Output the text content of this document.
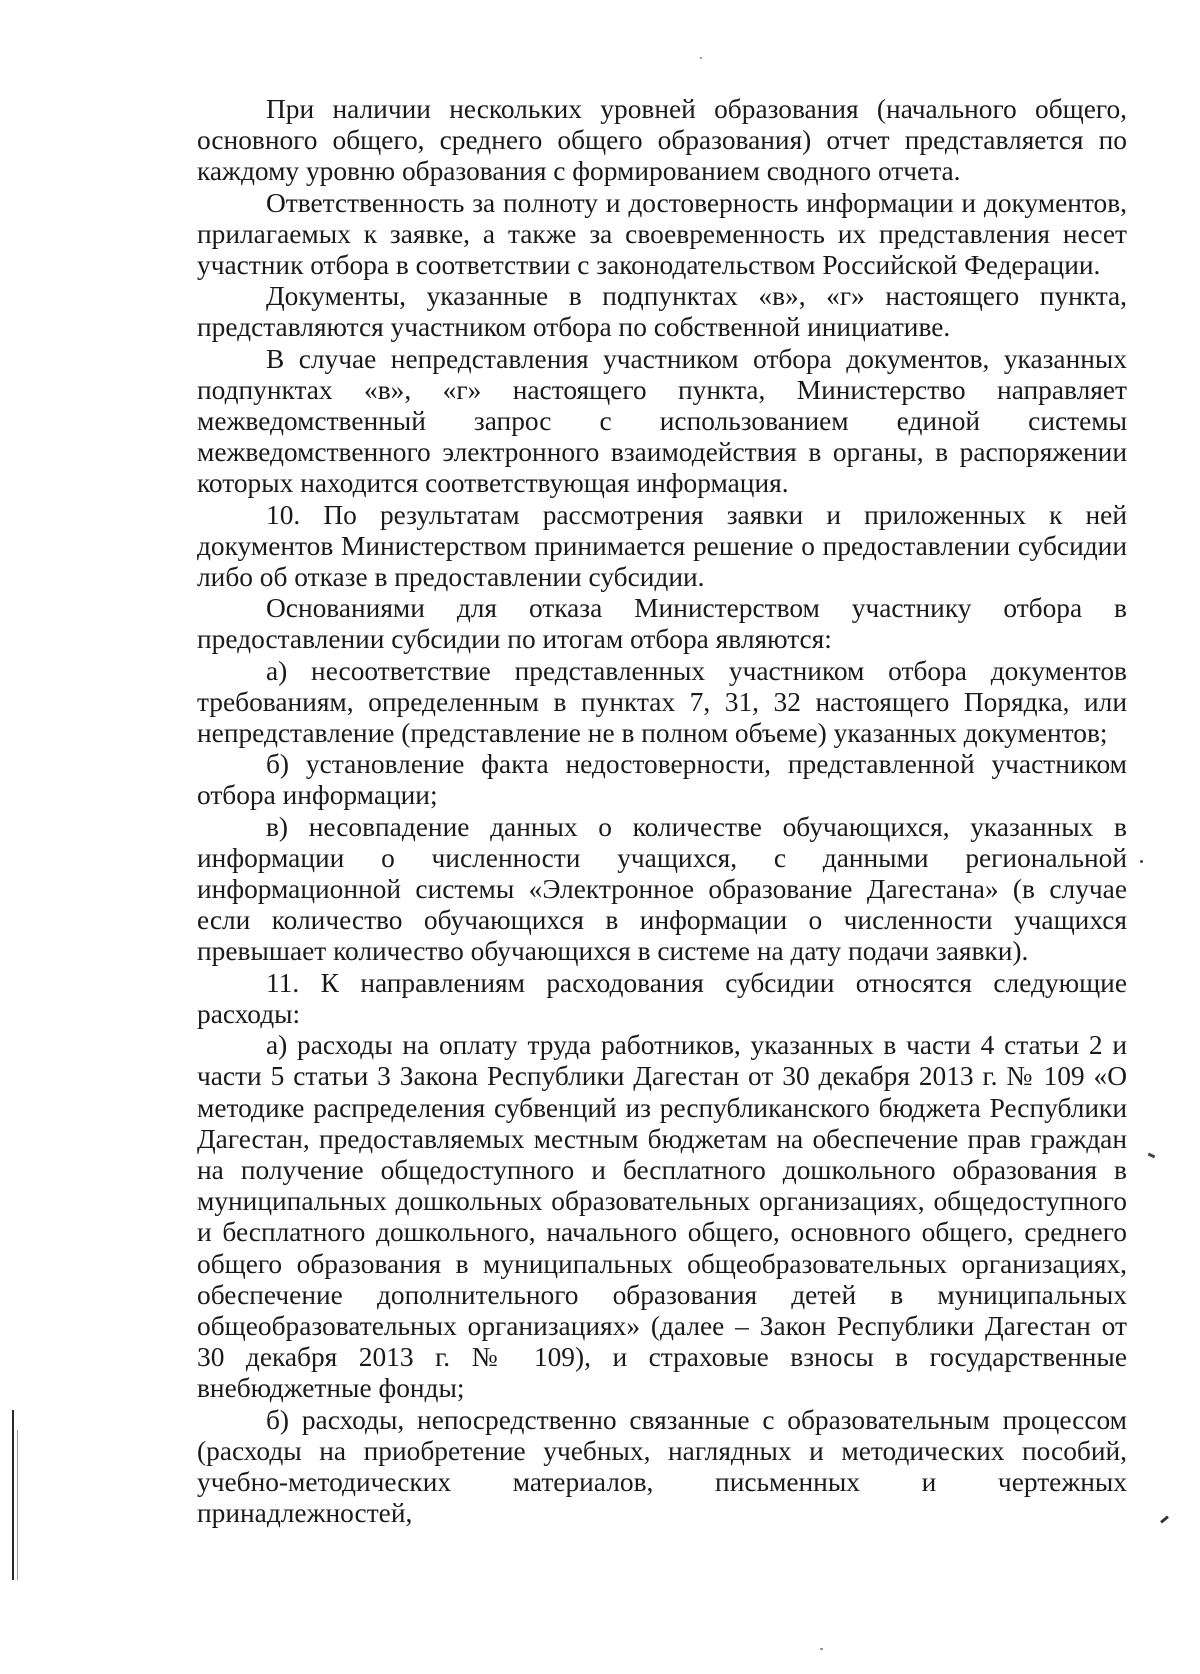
При наличии нескольких уровней образования (начального общего, основного общего, среднего общего образования) отчет представляется по каждому уровню образования с формированием сводного отчета.

Ответственность за полноту и достоверность информации и документов, прилагаемых к заявке, а также за своевременность их представления несет участник отбора в соответствии с законодательством Российской Федерации.

Документы, указанные в подпунктах «в», «г» настоящего пункта, представляются участником отбора по собственной инициативе.

В случае непредставления участником отбора документов, указанных подпунктах «в», «г» настоящего пункта, Министерство направляет межведомственный запрос с использованием единой системы межведомственного электронного взаимодействия в органы, в распоряжении которых находится соответствующая информация.

10. По результатам рассмотрения заявки и приложенных к ней документов Министерством принимается решение о предоставлении субсидии либо об отказе в предоставлении субсидии.

Основаниями для отказа Министерством участнику отбора в предоставлении субсидии по итогам отбора являются:

а) несоответствие представленных участником отбора документов требованиям, определенным в пунктах 7, 31, 32 настоящего Порядка, или непредставление (представление не в полном объеме) указанных документов;

б) установление факта недостоверности, представленной участником отбора информации;

в) несовпадение данных о количестве обучающихся, указанных в информации о численности учащихся, с данными региональной информационной системы «Электронное образование Дагестана» (в случае если количество обучающихся в информации о численности учащихся превышает количество обучающихся в системе на дату подачи заявки).

11. К направлениям расходования субсидии относятся следующие расходы:

а) расходы на оплату труда работников, указанных в части 4 статьи 2 и части 5 статьи 3 Закона Республики Дагестан от 30 декабря 2013 г. № 109 «О методике распределения субвенций из республиканского бюджета Республики Дагестан, предоставляемых местным бюджетам на обеспечение прав граждан на получение общедоступного и бесплатного дошкольного образования в муниципальных дошкольных образовательных организациях, общедоступного и бесплатного дошкольного, начального общего, основного общего, среднего общего образования в муниципальных общеобразовательных организациях, обеспечение дополнительного образования детей в муниципальных общеобразовательных организациях» (далее – Закон Республики Дагестан от 30 декабря 2013 г. № 109), и страховые взносы в государственные внебюджетные фонды;

б) расходы, непосредственно связанные с образовательным процессом (расходы на приобретение учебных, наглядных и методических пособий, учебно-методических материалов, письменных и чертежных принадлежностей,
